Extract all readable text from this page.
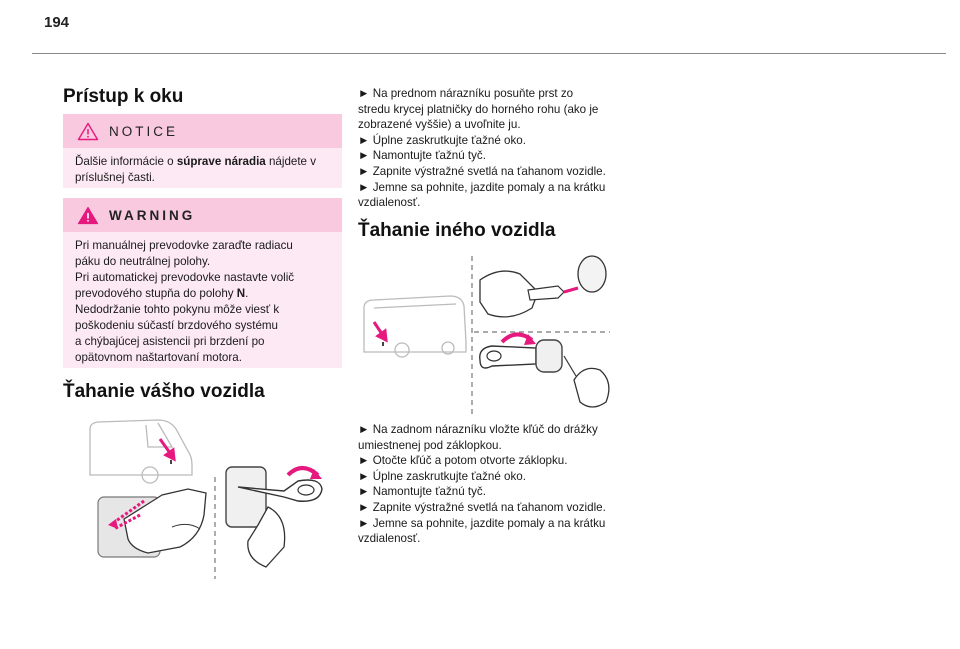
194
Prístup k oku
NOTICE
Ďalšie informácie o súprave náradia nájdete v príslušnej časti.
WARNING
Pri manuálnej prevodovke zaraďte radiacu
páku do neutrálnej polohy.
Pri automatickej prevodovke nastavte volič
prevodového stupňa do polohy N.
Nedodržanie tohto pokynu môže viesť k
poškodeniu súčastí brzdového systému
a chýbajúcej asistencii pri brzdení po
opätovnom naštartovaní motora.
Ťahanie vášho vozidla

► Na prednom nárazníku posuňte prst zo

stredu krycej platničky do horného rohu (ako je

zobrazené vyššie) a uvoľnite ju.

► Úplne zaskrutkujte ťažné oko.

► Namontujte ťažnú tyč.

► Zapnite výstražné svetlá na ťahanom vozidle.

► Jemne sa pohnite, jazdite pomaly a na krátku

vzdialenosť.

Ťahanie iného vozidla

► Na zadnom nárazníku vložte kľúč do drážky

umiestnenej pod záklopkou.

► Otočte kľúč a potom otvorte záklopku.

► Úplne zaskrutkujte ťažné oko.

► Namontujte ťažnú tyč.

► Zapnite výstražné svetlá na ťahanom vozidle.

► Jemne sa pohnite, jazdite pomaly a na krátku

vzdialenosť.
